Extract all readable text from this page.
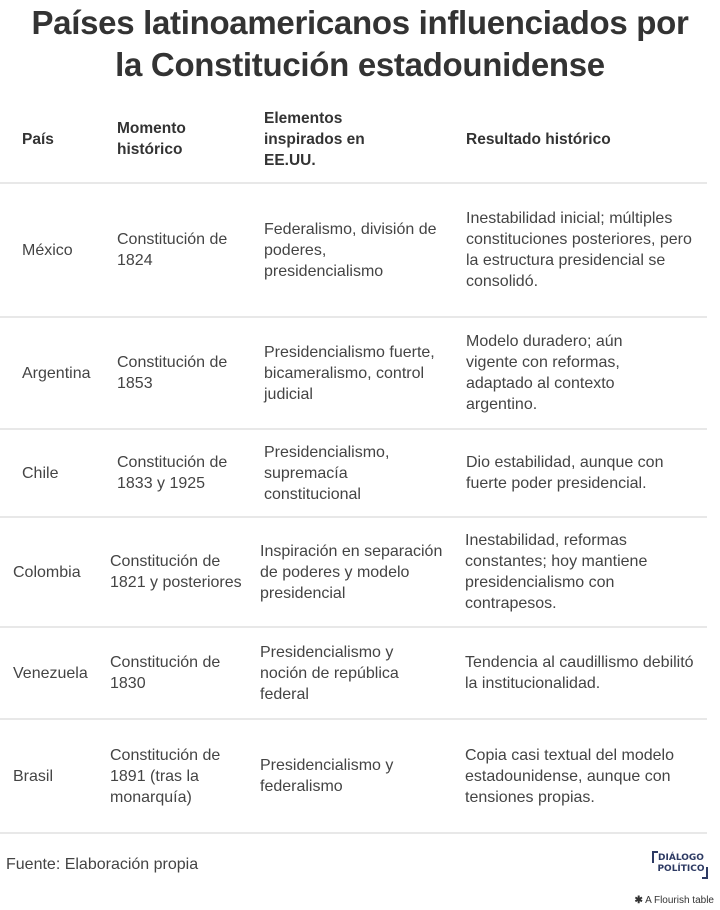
Países latinoamericanos influenciados por
la Constitución estadounidense
País
Momento histórico
Elementos inspirados en EE.UU.
Resultado histórico
México
Constitución de 1824
Federalismo, división de poderes, presidencialismo
Inestabilidad inicial; múltiples constituciones posteriores, pero la estructura presidencial se consolidó.
Argentina
Constitución de 1853
Presidencialismo fuerte, bicameralismo, control judicial
Modelo duradero; aún vigente con reformas, adaptado al contexto argentino.
Chile
Constitución de 1833 y 1925
Presidencialismo, supremacía constitucional
Dio estabilidad, aunque con fuerte poder presidencial.
Colombia
Constitución de 1821 y posteriores
Inspiración en separación de poderes y modelo presidencial
Inestabilidad, reformas constantes; hoy mantiene presidencialismo con contrapesos.
Venezuela
Constitución de 1830
Presidencialismo y noción de república federal
Tendencia al caudillismo debilitó la institucionalidad.
Brasil
Constitución de 1891 (tras la monarquía)
Presidencialismo y federalismo
Copia casi textual del modelo estadounidense, aunque con tensiones propias.
Fuente: Elaboración propia	DIÁLOGO
POLÍTICO
✱ A Flourish table
